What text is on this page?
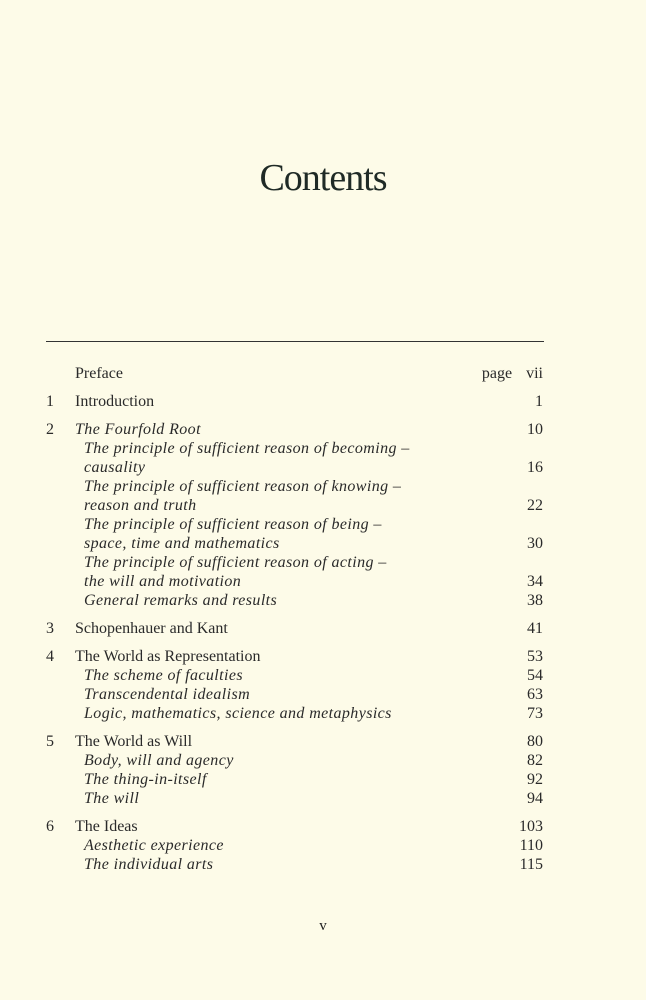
Contents
Preface	page vii
1	Introduction	1
2	The Fourfold Root	10
The principle of sufficient reason of becoming –
causality	16
The principle of sufficient reason of knowing –
reason and truth	22
The principle of sufficient reason of being –
space, time and mathematics	30
The principle of sufficient reason of acting –
the will and motivation	34
General remarks and results	38
3	Schopenhauer and Kant	41
4	The World as Representation	53
The scheme of faculties	54
Transcendental idealism	63
Logic, mathematics, science and metaphysics	73
5	The World as Will	80
Body, will and agency	82
The thing-in-itself	92
The will	94
6	The Ideas	103
Aesthetic experience	110
The individual arts	115
v
